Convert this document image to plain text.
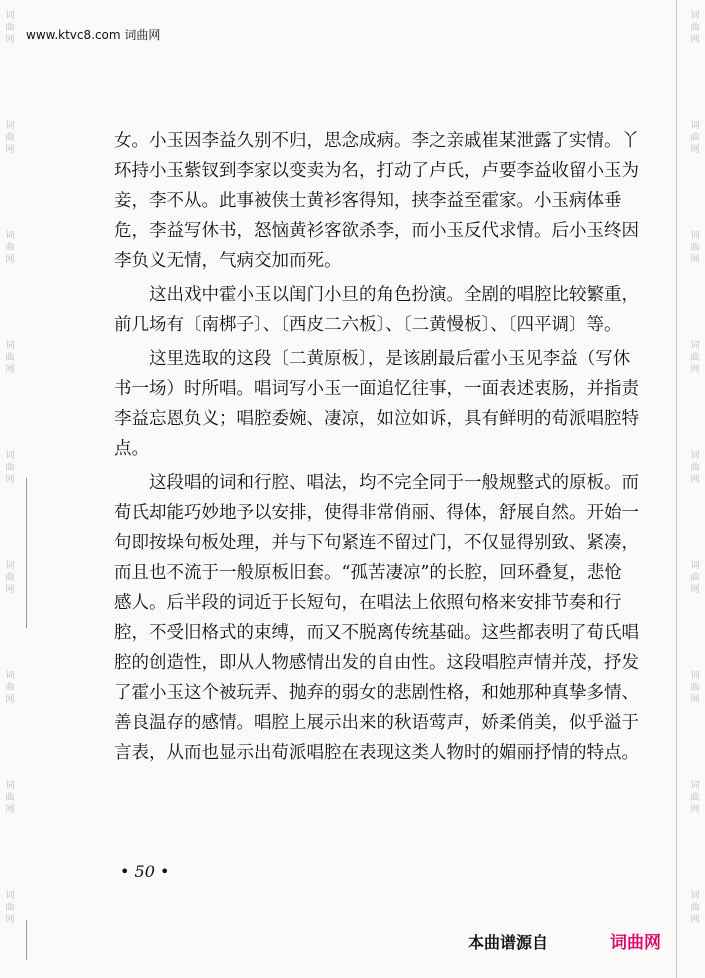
词曲网
词曲网
词曲网
词曲网
词曲网
词曲网
词曲网
词曲网
词曲网
词曲网
词曲网
词曲网
词曲网
词曲网
词曲网
词曲网
词曲网
词曲网
www.ktvc8.com 词曲网

女。小玉因李益久别不归，思念成病。李之亲戚崔某泄露了实情。丫环持小玉紫钗到李家以变卖为名，打动了卢氏，卢要李益收留小玉为妾，李不从。此事被侠士黄衫客得知，挟李益至霍家。小玉病体垂危，李益写休书，怒恼黄衫客欲杀李，而小玉反代求情。后小玉终因李负义无情，气病交加而死。

　　这出戏中霍小玉以闺门小旦的角色扮演。全剧的唱腔比较繁重，前几场有〔南梆子〕、〔西皮二六板〕、〔二黄慢板〕、〔四平调〕等。

　　这里选取的这段〔二黄原板〕，是该剧最后霍小玉见李益（写休书一场）时所唱。唱词写小玉一面追忆往事，一面表述衷肠，并指责李益忘恩负义；唱腔委婉、凄凉，如泣如诉，具有鲜明的荀派唱腔特点。

　　这段唱的词和行腔、唱法，均不完全同于一般规整式的原板。而荀氏却能巧妙地予以安排，使得非常俏丽、得体，舒展自然。开始一句即按垛句板处理，并与下句紧连不留过门，不仅显得别致、紧凑，而且也不流于一般原板旧套。“孤苦凄凉”的长腔，回环叠复，悲怆感人。后半段的词近于长短句，在唱法上依照句格来安排节奏和行腔，不受旧格式的束缚，而又不脱离传统基础。这些都表明了荀氏唱腔的创造性，即从人物感情出发的自由性。这段唱腔声情并茂，抒发了霍小玉这个被玩弄、抛弃的弱女的悲剧性格，和她那种真挚多情、善良温存的感情。唱腔上展示出来的秋语莺声，娇柔俏美，似乎溢于言表，从而也显示出荀派唱腔在表现这类人物时的媚丽抒情的特点。

• 50 •
本曲谱源自	词曲网
